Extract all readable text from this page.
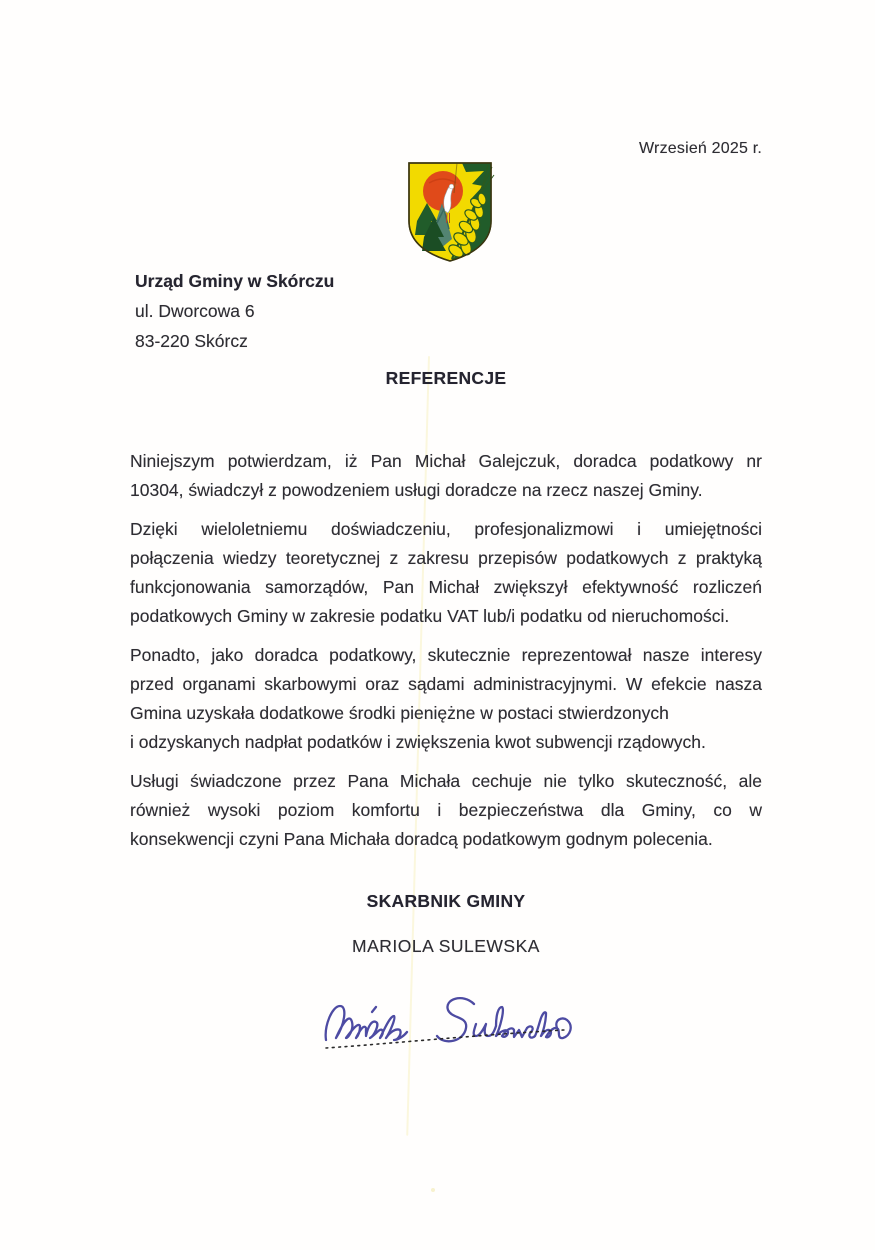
Wrzesień 2025 r.
Urząd Gminy w Skórczu
ul. Dworcowa 6
83-220 Skórcz
REFERENCJE
Niniejszym potwierdzam, iż Pan Michał Galejczuk, doradca podatkowy nr
10304, świadczył z powodzeniem usługi doradcze na rzecz naszej Gminy.
Dzięki wieloletniemu doświadczeniu, profesjonalizmowi i umiejętności
połączenia wiedzy teoretycznej z zakresu przepisów podatkowych z praktyką
funkcjonowania samorządów, Pan Michał zwiększył efektywność rozliczeń
podatkowych Gminy w zakresie podatku VAT lub/i podatku od nieruchomości.
Ponadto, jako doradca podatkowy, skutecznie reprezentował nasze interesy
przed organami skarbowymi oraz sądami administracyjnymi. W efekcie nasza
Gmina uzyskała dodatkowe środki pieniężne w postaci stwierdzonych
i odzyskanych nadpłat podatków i zwiększenia kwot subwencji rządowych.
Usługi świadczone przez Pana Michała cechuje nie tylko skuteczność, ale
również wysoki poziom komfortu i bezpieczeństwa dla Gminy, co w
konsekwencji czyni Pana Michała doradcą podatkowym godnym polecenia.
SKARBNIK GMINY
MARIOLA SULEWSKA
